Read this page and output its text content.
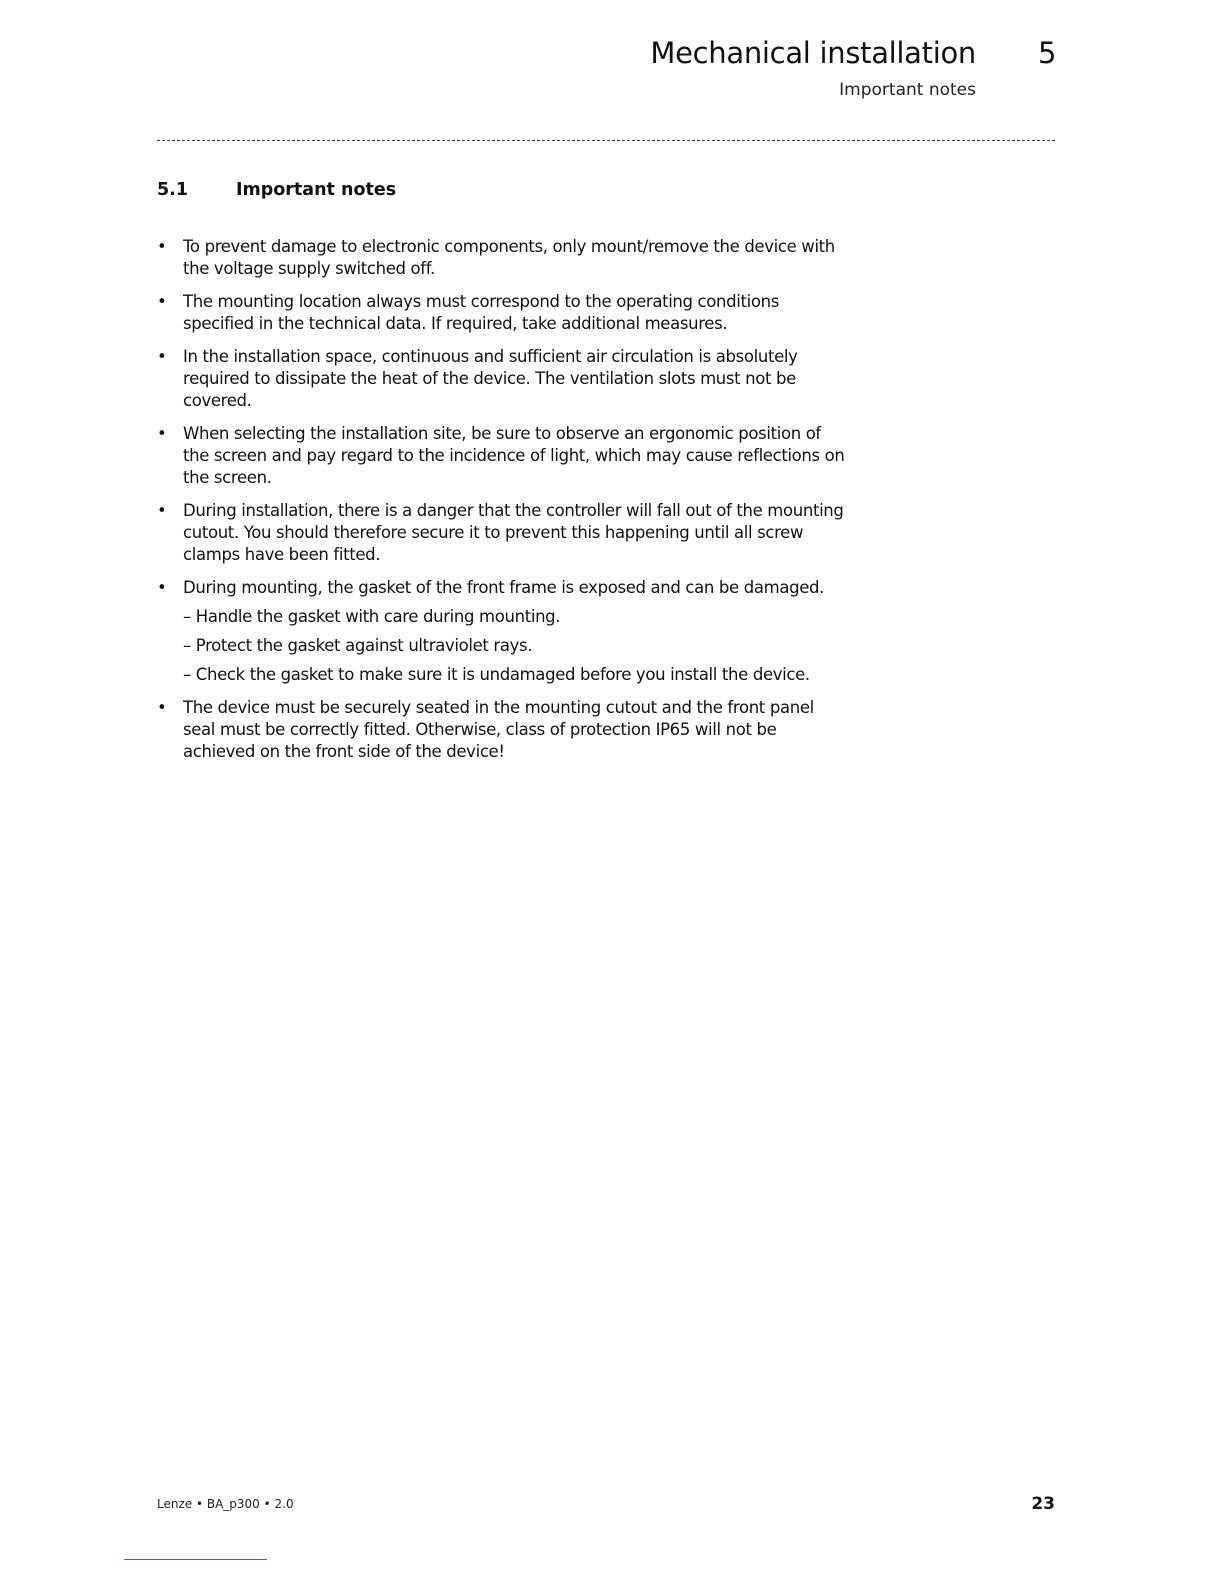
Mechanical installation 5
Important notes
5.1	Important notes
• To prevent damage to electronic components, only mount/remove the device with the voltage supply switched off.
• The mounting location always must correspond to the operating conditions specified in the technical data. If required, take additional measures.
• In the installation space, continuous and sufficient air circulation is absolutely required to dissipate the heat of the device. The ventilation slots must not be covered.
• When selecting the installation site, be sure to observe an ergonomic position of the screen and pay regard to the incidence of light, which may cause reflections on the screen.
• During installation, there is a danger that the controller will fall out of the mounting cutout. You should therefore secure it to prevent this happening until all screw clamps have been fitted.
• During mounting, the gasket of the front frame is exposed and can be damaged.
– Handle the gasket with care during mounting.
– Protect the gasket against ultraviolet rays.
– Check the gasket to make sure it is undamaged before you install the device.
• The device must be securely seated in the mounting cutout and the front panel seal must be correctly fitted. Otherwise, class of protection IP65 will not be achieved on the front side of the device!
Lenze • BA_p300 • 2.0	23
